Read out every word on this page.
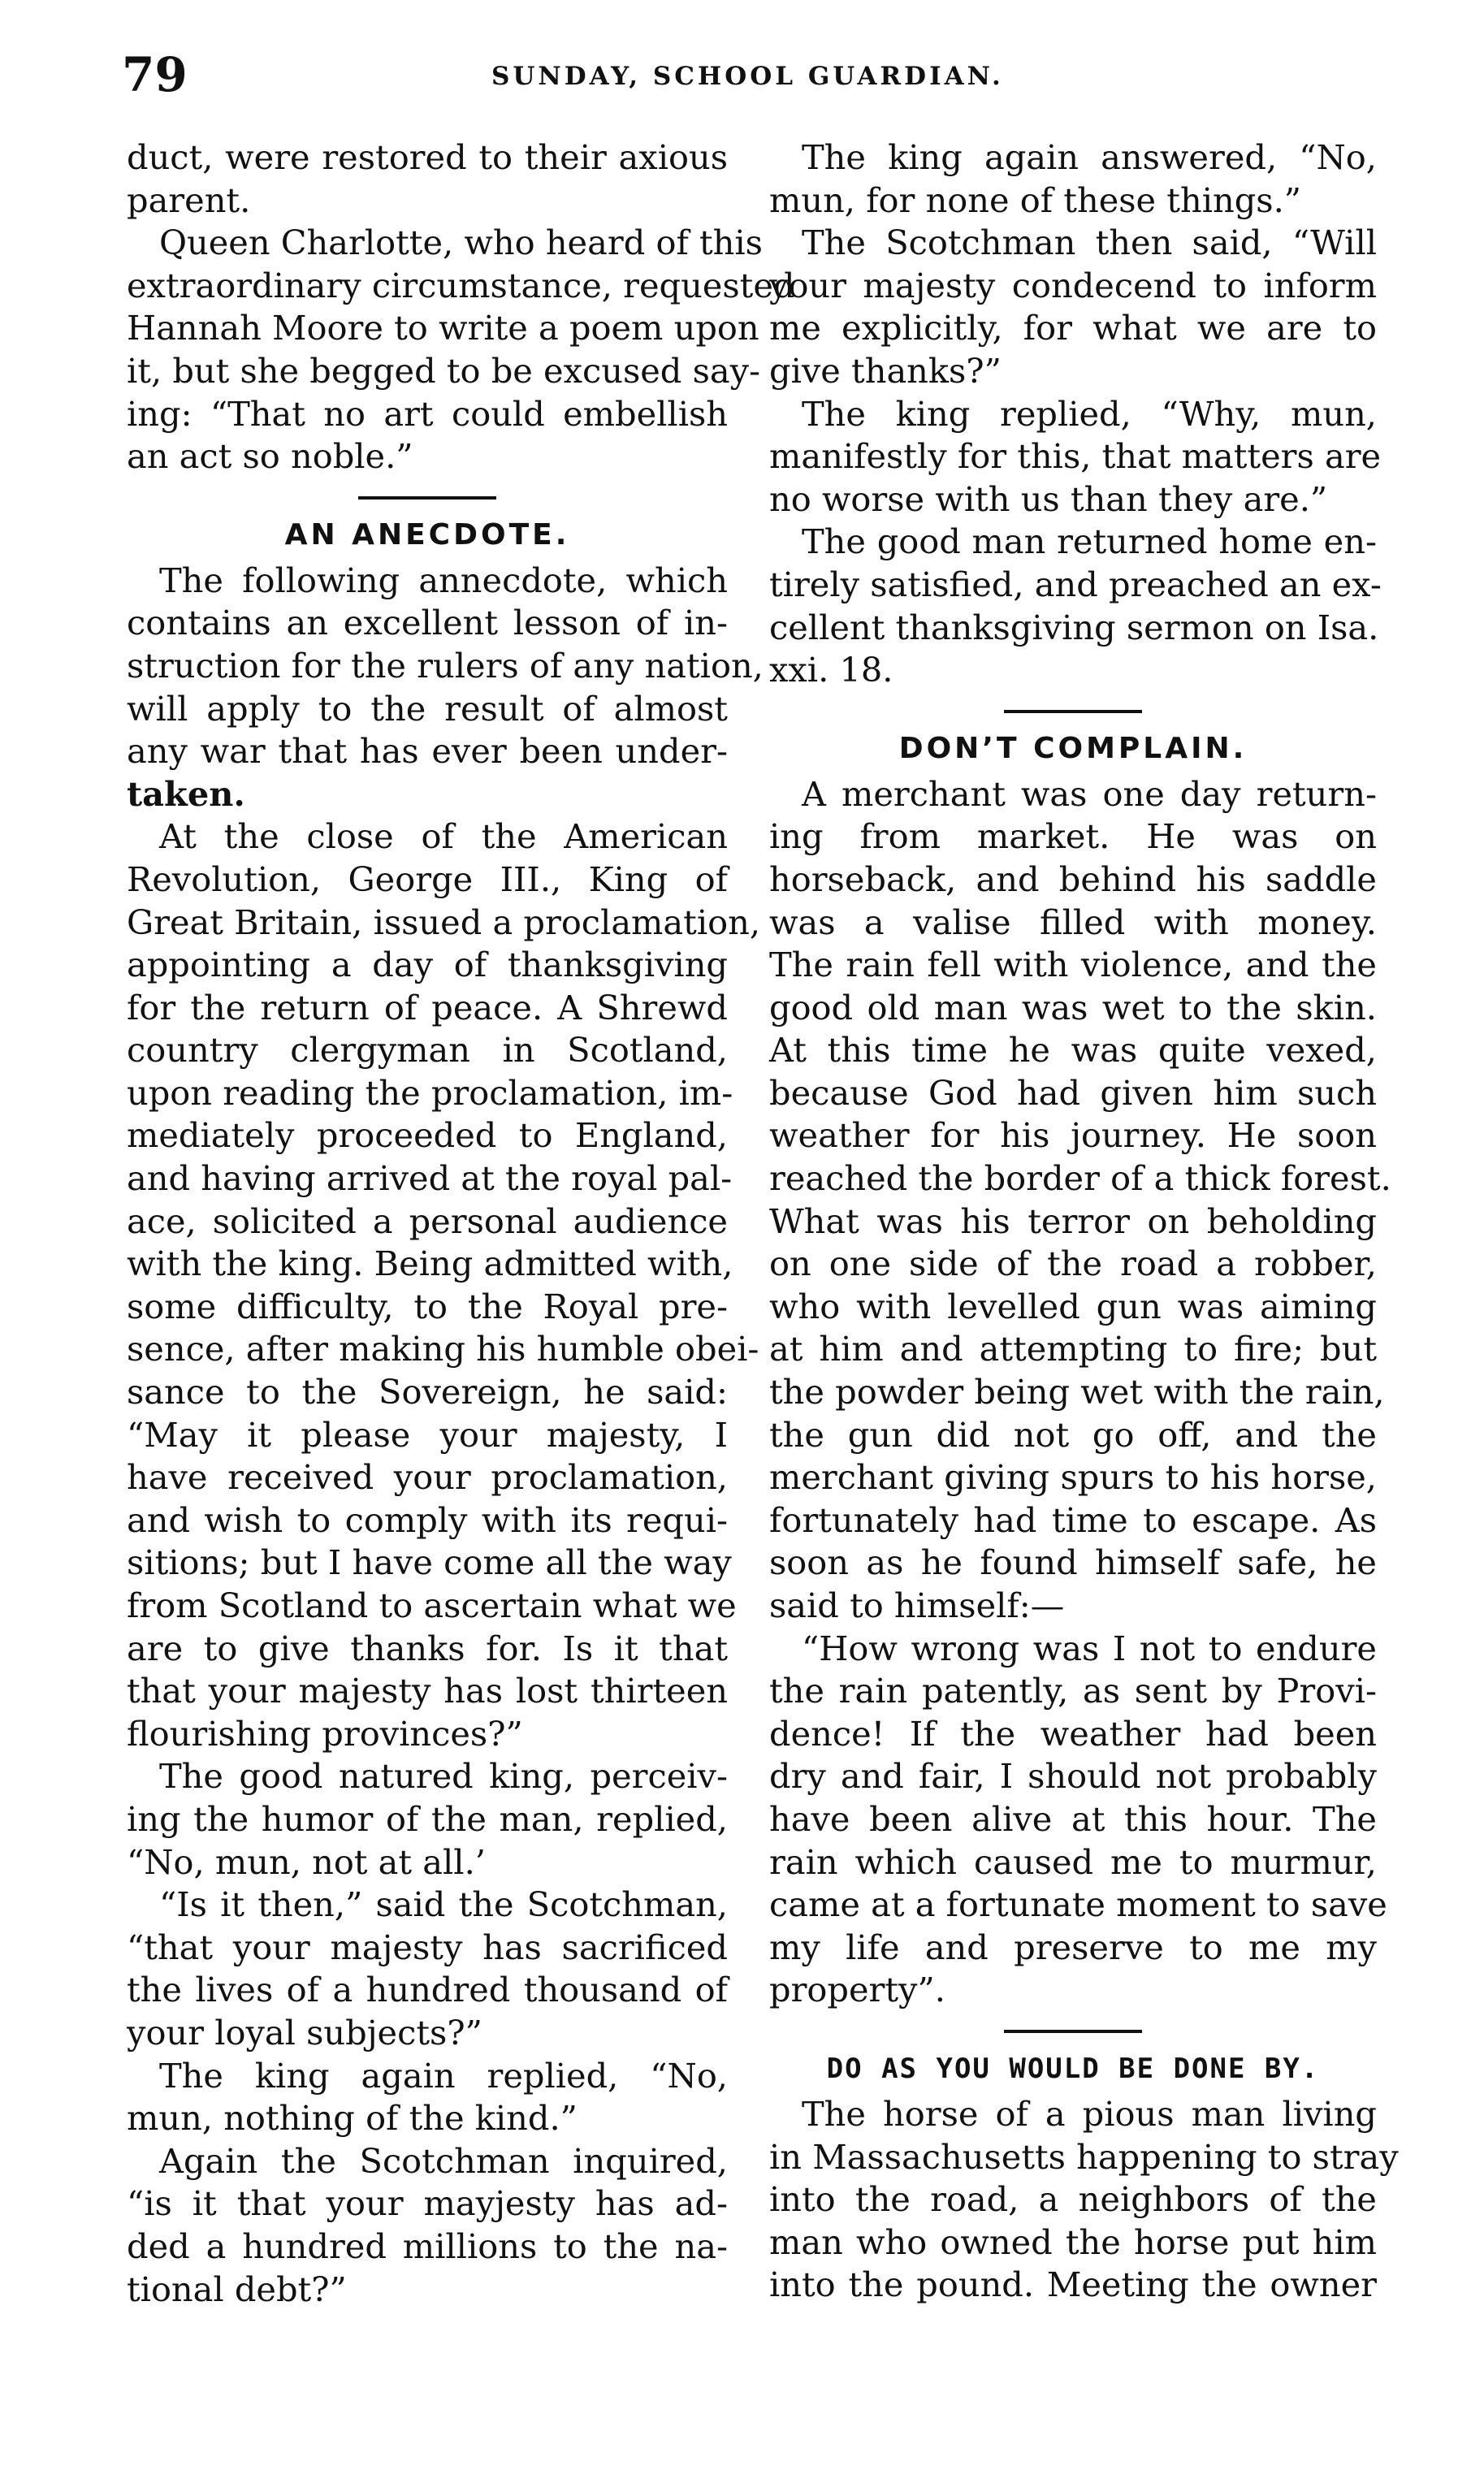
79	SUNDAY, SCHOOL GUARDIAN.
duct, were restored to their axious
parent.
Queen Charlotte, who heard of this
extraordinary circumstance, requested
Hannah Moore to write a poem upon
it, but she begged to be excused say-
ing: “That no art could embellish
an act so noble.”
AN ANECDOTE.
The following annecdote, which
contains an excellent lesson of in-
struction for the rulers of any nation,
will apply to the result of almost
any war that has ever been under-
taken.
At the close of the American
Revolution, George III., King of
Great Britain, issued a proclamation,
appointing a day of thanksgiving
for the return of peace. A Shrewd
country clergyman in Scotland,
upon reading the proclamation, im-
mediately proceeded to England,
and having arrived at the royal pal-
ace, solicited a personal audience
with the king. Being admitted with,
some difficulty, to the Royal pre-
sence, after making his humble obei-
sance to the Sovereign, he said:
“May it please your majesty, I
have received your proclamation,
and wish to comply with its requi-
sitions; but I have come all the way
from Scotland to ascertain what we
are to give thanks for. Is it that
that your majesty has lost thirteen
flourishing provinces?”
The good natured king, perceiv-
ing the humor of the man, replied,
“No, mun, not at all.’
“Is it then,” said the Scotchman,
“that your majesty has sacrificed
the lives of a hundred thousand of
your loyal subjects?”
The king again replied, “No,
mun, nothing of the kind.”
Again the Scotchman inquired,
“is it that your mayjesty has ad-
ded a hundred millions to the na-
tional debt?”
The king again answered, “No,
mun, for none of these things.”
The Scotchman then said, “Will
your majesty condecend to inform
me explicitly, for what we are to
give thanks?”
The king replied, “Why, mun,
manifestly for this, that matters are
no worse with us than they are.”
The good man returned home en-
tirely satisfied, and preached an ex-
cellent thanksgiving sermon on Isa.
xxi. 18.
DON’T COMPLAIN.
A merchant was one day return-
ing from market. He was on
horseback, and behind his saddle
was a valise filled with money.
The rain fell with violence, and the
good old man was wet to the skin.
At this time he was quite vexed,
because God had given him such
weather for his journey. He soon
reached the border of a thick forest.
What was his terror on beholding
on one side of the road a robber,
who with levelled gun was aiming
at him and attempting to fire; but
the powder being wet with the rain,
the gun did not go off, and the
merchant giving spurs to his horse,
fortunately had time to escape. As
soon as he found himself safe, he
said to himself:—
“How wrong was I not to endure
the rain patently, as sent by Provi-
dence! If the weather had been
dry and fair, I should not probably
have been alive at this hour. The
rain which caused me to murmur,
came at a fortunate moment to save
my life and preserve to me my
property”.
DO AS YOU WOULD BE DONE BY.
The horse of a pious man living
in Massachusetts happening to stray
into the road, a neighbors of the
man who owned the horse put him
into the pound. Meeting the owner
